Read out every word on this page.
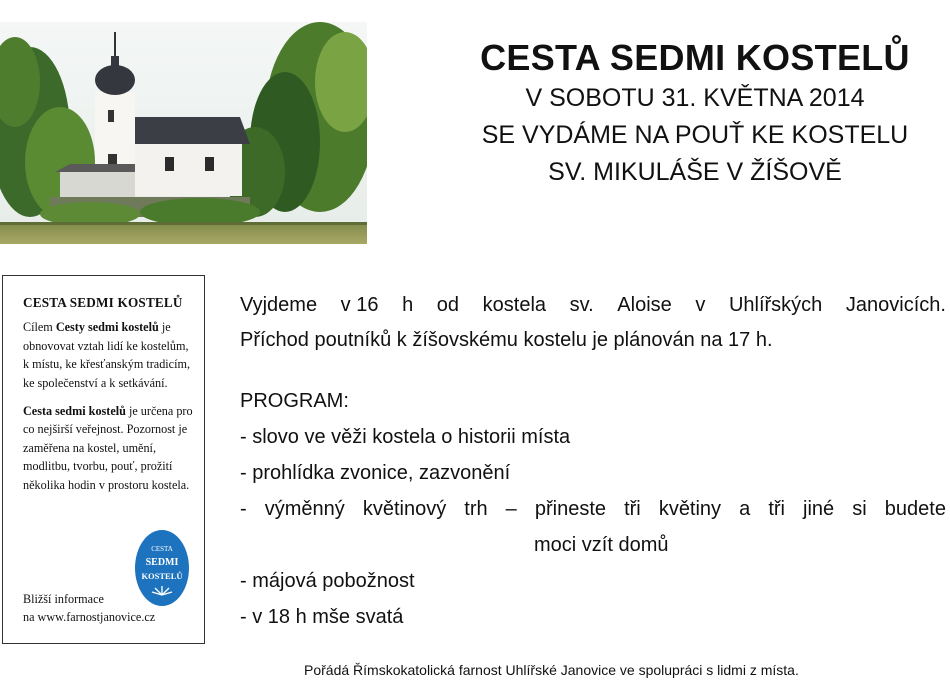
CESTA SEDMI KOSTELŮ

V SOBOTU 31. KVĚTNA 2014

SE VYDÁME NA POUŤ KE KOSTELU

SV. MIKULÁŠE V ŽÍŠOVĚ

CESTA SEDMI KOSTELŮ

Cílem Cesty sedmi kostelů je obnovovat vztah lidí ke kostelům, k místu, ke křesťanským tradicím, ke společenství a k setkávání.

Cesta sedmi kostelů je určena pro co nejširší veřejnost. Pozornost je zaměřena na kostel, umění, modlitbu, tvorbu, pouť, prožití několika hodin v prostoru kostela.

CESTA
SEDMI
KOSTELŮ
Bližší informace
na www.farnostjanovice.cz
Vyjdeme v 16 h od kostela sv. Aloise v Uhlířských Janovicích.
Příchod poutníků k žíšovskému kostelu je plánován na 17 h.
PROGRAM:
- slovo ve věži kostela o historii místa
- prohlídka zvonice, zazvonění
- výměnný květinový trh – přineste tři květiny a tři jiné si budete
moci vzít domů
- májová pobožnost
- v 18 h mše svatá
Pořádá Římskokatolická farnost Uhlířské Janovice ve spolupráci s lidmi z místa.
